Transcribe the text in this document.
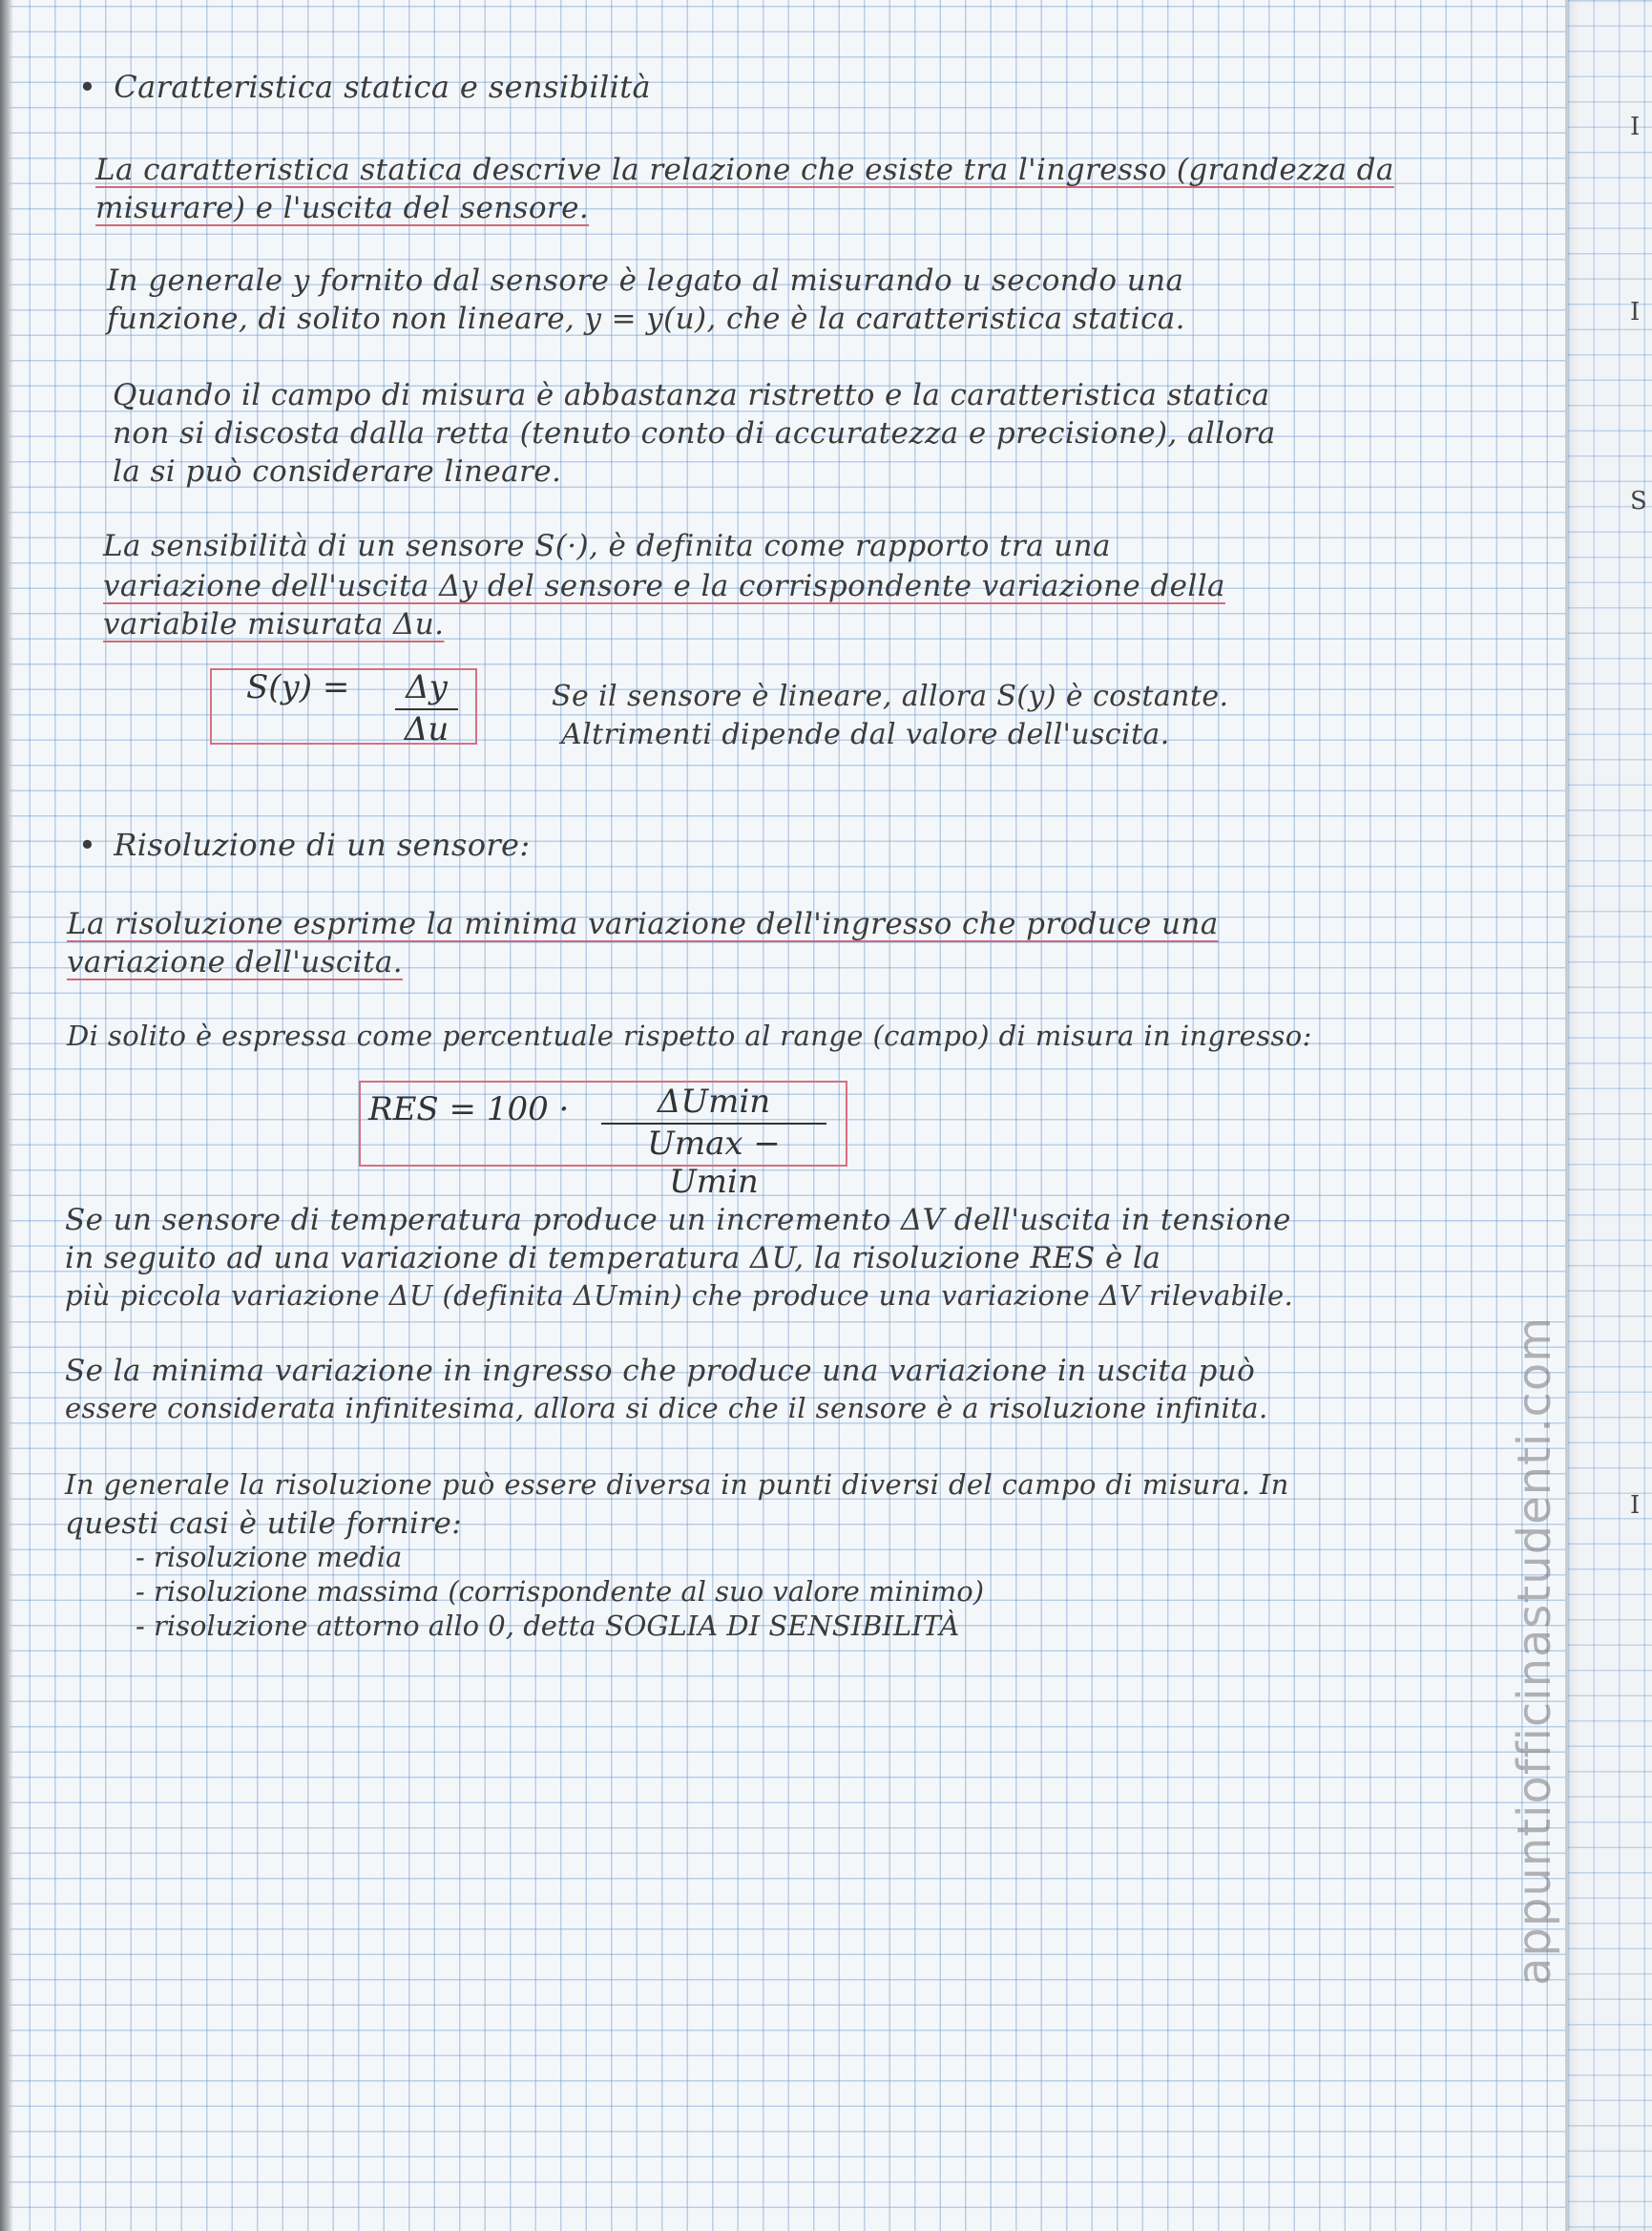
I
I
S
I
• Caratteristica statica e sensibilità
La caratteristica statica descrive la relazione che esiste tra l'ingresso (grandezza da
misurare) e l'uscita del sensore.
In generale y fornito dal sensore è legato al misurando u secondo una
funzione, di solito non lineare, y = y(u), che è la caratteristica statica.
Quando il campo di misura è abbastanza ristretto e la caratteristica statica
non si discosta dalla retta (tenuto conto di accuratezza e precisione), allora
la si può considerare lineare.
La sensibilità di un sensore S(·), è definita come rapporto tra una
variazione dell'uscita Δy del sensore e la corrispondente variazione della
variabile misurata Δu.
S(y) =	Δy
Δu
Se il sensore è lineare, allora S(y) è costante.
Altrimenti dipende dal valore dell'uscita.
• Risoluzione di un sensore:
La risoluzione esprime la minima variazione dell'ingresso che produce una
variazione dell'uscita.
Di solito è espressa come percentuale rispetto al range (campo) di misura in ingresso:
RES = 100 ·	ΔUmin
Umax − Umin
Se un sensore di temperatura produce un incremento ΔV dell'uscita in tensione
in seguito ad una variazione di temperatura ΔU, la risoluzione RES è la
più piccola variazione ΔU (definita ΔUmin) che produce una variazione ΔV rilevabile.
Se la minima variazione in ingresso che produce una variazione in uscita può
essere considerata infinitesima, allora si dice che il sensore è a risoluzione infinita.
In generale la risoluzione può essere diversa in punti diversi del campo di misura. In
questi casi è utile fornire:
- risoluzione media
- risoluzione massima (corrispondente al suo valore minimo)
- risoluzione attorno allo 0, detta SOGLIA DI SENSIBILITÀ	appuntiofficinastudenti.com
